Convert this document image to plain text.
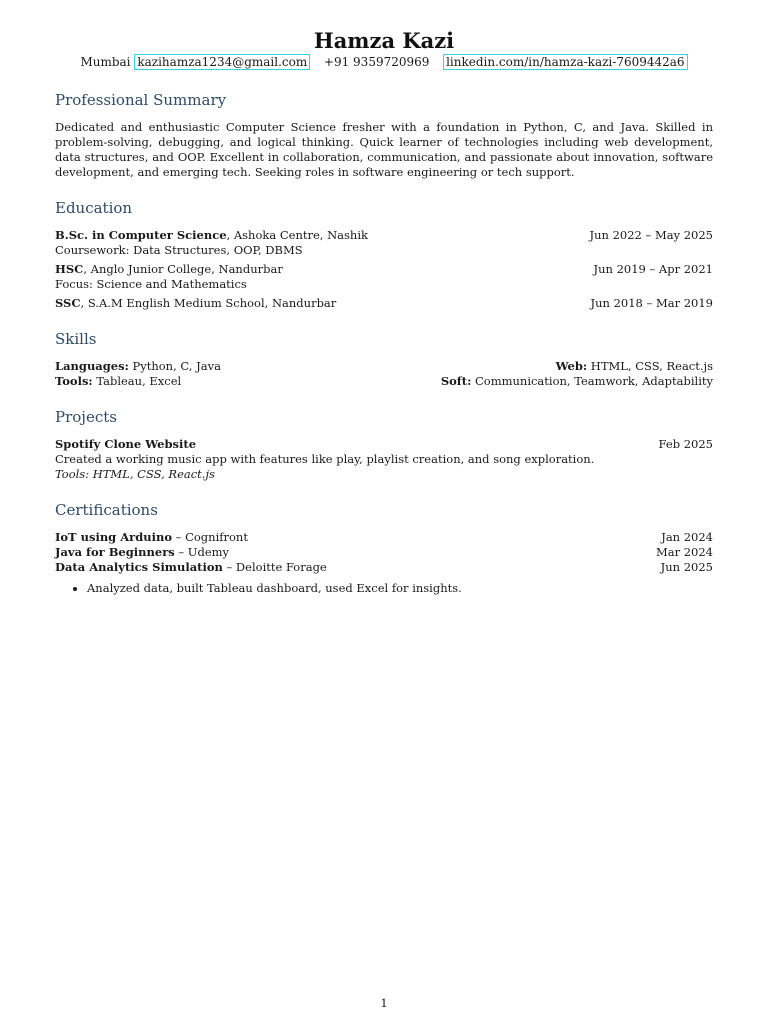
Hamza Kazi
Mumbai kazihamza1234@gmail.com +91 9359720969 linkedin.com/in/hamza-kazi-7609442a6
Professional Summary
Dedicated and enthusiastic Computer Science fresher with a foundation in Python, C, and Java. Skilled in problem-solving, debugging, and logical thinking. Quick learner of technologies including web development, data structures, and OOP. Excellent in collaboration, communication, and passionate about innovation, software development, and emerging tech. Seeking roles in software engineering or tech support.
Education
B.Sc. in Computer Science, Ashoka Centre, Nashik	Jun 2022 – May 2025
Coursework: Data Structures, OOP, DBMS
HSC, Anglo Junior College, Nandurbar	Jun 2019 – Apr 2021
Focus: Science and Mathematics
SSC, S.A.M English Medium School, Nandurbar	Jun 2018 – Mar 2019
Skills
Languages: Python, C, Java	Web: HTML, CSS, React.js
Tools: Tableau, Excel	Soft: Communication, Teamwork, Adaptability
Projects
Spotify Clone Website	Feb 2025
Created a working music app with features like play, playlist creation, and song exploration.
Tools: HTML, CSS, React.js
Certifications
IoT using Arduino – Cognifront	Jan 2024
Java for Beginners – Udemy	Mar 2024
Data Analytics Simulation – Deloitte Forage	Jun 2025
• Analyzed data, built Tableau dashboard, used Excel for insights.
1
